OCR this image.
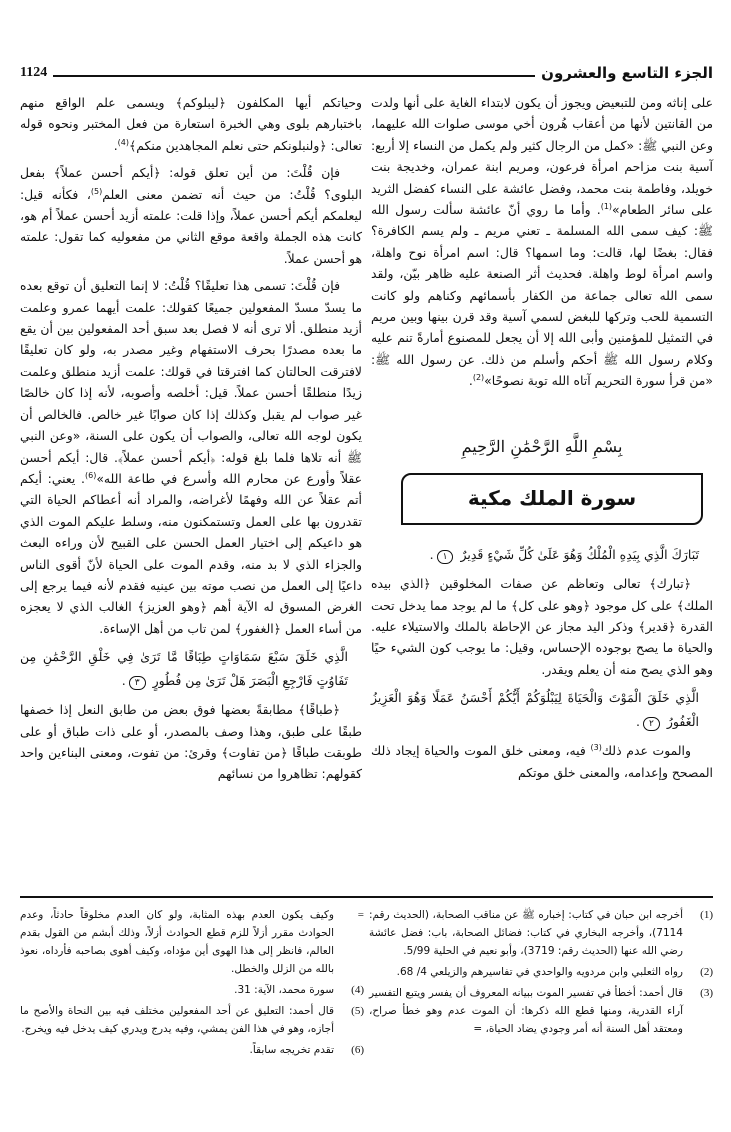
الجزء التاسع والعشرون
1124

على إناثه ومن للتبعيض ويجوز أن يكون لابتداء الغاية على أنها ولدت من القانتين لأنها من أعقاب هُرون أخي موسى صلوات الله عليهما، وعن النبي ﷺ: «كمل من الرجال كثير ولم يكمل من النساء إلا أربع: آسية بنت مزاحم امرأة فرعون، ومريم ابنة عمران، وخديجة بنت خويلد، وفاطمة بنت محمد، وفضل عائشة على النساء كفضل الثريد على سائر الطعام»$^{(1)}$. وأما ما روي أنّ عائشة سألت رسول الله ﷺ: كيف سمى الله المسلمة ـ تعني مريم ـ ولم يسم الكافرة؟ فقال: بغضًا لها، قالت: وما اسمها؟ قال: اسم امرأة نوح واهلة، واسم امرأة لوط واهلة. فحديث أثر الصنعة عليه ظاهر بيّن، ولقد سمى الله تعالى جماعة من الكفار بأسمائهم وكناهم ولو كانت التسمية للحب وتركها للبغض لسمي آسية وقد قرن بينها وبين مريم في التمثيل للمؤمنين وأبى الله إلا أن يجعل للمصنوع أمارةً تنم عليه وكلام رسول الله ﷺ أحكم وأسلم من ذلك. عن رسول الله ﷺ: «من قرأ سورة التحريم آتاه الله توبة نصوحًا»$^{(2)}$.

بِسْمِ اللَّهِ الرَّحْمَٰنِ الرَّحِيمِ
سورة الملك مكية

تَبَارَكَ الَّذِي بِيَدِهِ الْمُلْكُ وَهُوَ عَلَىٰ كُلِّ شَيْءٍ قَدِيرٌ ١.

﴿تبارك﴾ تعالى وتعاظم عن صفات المخلوقين ﴿الذي بيده الملك﴾ على كل موجود ﴿وهو على كل﴾ ما لم يوجد مما يدخل تحت القدرة ﴿قدير﴾ وذكر اليد مجاز عن الإحاطة بالملك والاستيلاء عليه. والحياة ما يصح بوجوده الإحساس، وقيل: ما يوجب كون الشيء حيًا وهو الذي يصح منه أن يعلم ويقدر.

الَّذِي خَلَقَ الْمَوْتَ وَالْحَيَاةَ لِيَبْلُوَكُمْ أَيُّكُمْ أَحْسَنُ عَمَلًا وَهُوَ الْعَزِيزُ الْغَفُورُ ٢.

والموت عدم ذلك$^{(3)}$ فيه، ومعنى خلق الموت والحياة إيجاد ذلك المصحح وإعدامه، والمعنى خلق موتكم

وحياتكم أيها المكلفون ﴿ليبلوكم﴾ ويسمى علم الواقع منهم باختبارهم بلوى وهي الخبرة استعارة من فعل المختبر ونحوه قوله تعالى: ﴿ولنبلونكم حتى نعلم المجاهدين منكم﴾$^{(4)}$.

فإن قُلْتَ: من أين تعلق قوله: ﴿أيكم أحسن عملاً﴾ بفعل البلوى؟ قُلْتُ: من حيث أنه تضمن معنى العلم$^{(5)}$، فكأنه قيل: ليعلمكم أيكم أحسن عملاً، وإذا قلت: علمته أزيد أحسن عملاً أم هو، كانت هذه الجملة واقعة موقع الثاني من مفعوليه كما تقول: علمته هو أحسن عملاً.

فإن قُلْتَ: تسمى هذا تعليقًا؟ قُلْتُ: لا إنما التعليق أن توقع بعده ما يسدّ مسدّ المفعولين جميعًا كقولك: علمت أيهما عمرو وعلمت أزيد منطلق. ألا ترى أنه لا فصل بعد سبق أحد المفعولين بين أن يقع ما بعده مصدرًا بحرف الاستفهام وغير مصدر به، ولو كان تعليقًا لافترقت الحالتان كما افترقتا في قولك: علمت أزيد منطلق وعلمت زيدًا منطلقًا أحسن عملاً. قيل: أخلصه وأصوبه، لأنه إذا كان خالصًا غير صواب لم يقبل وكذلك إذا كان صوابًا غير خالص. فالخالص أن يكون لوجه الله تعالى، والصواب أن يكون على السنة، «وعن النبي ﷺ أنه تلاها فلما بلغ قوله: ﴿أيكم أحسن عملاً﴾. قال: أيكم أحسن عقلاً وأورع عن محارم الله وأسرع في طاعة الله»$^{(6)}$. يعني: أيكم أتم عقلاً عن الله وفهمًا لأغراضه، والمراد أنه أعطاكم الحياة التي تقدرون بها على العمل وتستمكنون منه، وسلط عليكم الموت الذي هو داعيكم إلى اختيار العمل الحسن على القبيح لأن وراءه البعث والجزاء الذي لا بد منه، وقدم الموت على الحياة لأنّ أقوى الناس داعيًا إلى العمل من نصب موته بين عينيه فقدم لأنه فيما يرجع إلى الغرض المسوق له الآية أهم ﴿وهو العزيز﴾ الغالب الذي لا يعجزه من أساء العمل ﴿الغفور﴾ لمن تاب من أهل الإساءة.

الَّذِي خَلَقَ سَبْعَ سَمَاوَاتٍ طِبَاقًا مَّا تَرَىٰ فِي خَلْقِ الرَّحْمَٰنِ مِن تَفَاوُتٍ فَارْجِعِ الْبَصَرَ هَلْ تَرَىٰ مِن فُطُورٍ ٣.

﴿طباقًا﴾ مطابقةً بعضها فوق بعض من طابق النعل إذا خصفها طبقًا على طبق، وهذا وصف بالمصدر، أو على ذات طباق أو على طوبقت طباقًا ﴿من تفاوت﴾ وقرئ: من تفوت، ومعنى البناءين واحد كقولهم: تظاهروا من نسائهم

(1)
أخرجه ابن حبان في كتاب: إخباره ﷺ عن مناقب الصحابة، (الحديث رقم: 7114)، وأخرجه البخاري في كتاب: فضائل الصحابة، باب: فضل عائشة رضي الله عنها (الحديث رقم: 3719)، وأبو نعيم في الحلية 5/99.
(2)
رواه الثعلبي وابن مردويه والواحدي في تفاسيرهم والزيلعي 4/ 68.
(3)
قال أحمد: أخطأ في تفسير الموت ببيانه المعروف أن يفسر ويتبع التفسير آراء القدرية، ومنها قطع الله ذكرها: أن الموت عدم وهو خطأ صراح، ومعتقد أهل السنة أنه أمر وجودي يضاد الحياة، =
=
وكيف يكون العدم بهذه المثابة، ولو كان العدم مخلوقاً حادثاً، وعدم الحوادث مقرر أزلاً للزم قطع الحوادث أزلاً، وذلك أبشم من القول بقدم العالم، فانظر إلى هذا الهوى أين مؤداه، وكيف أهوى بصاحبه فأرداه، نعوذ بالله من الزلل والخطل.
(4)
سورة محمد، الآية: 31.
(5)
قال أحمد: التعليق عن أحد المفعولين مختلف فيه بين النحاة والأصح ما أجازه، وهو في هذا الفن يمشي، وفيه يدرج ويدري كيف يدخل فيه ويخرج.
(6)
تقدم تخريجه سابقاً.
